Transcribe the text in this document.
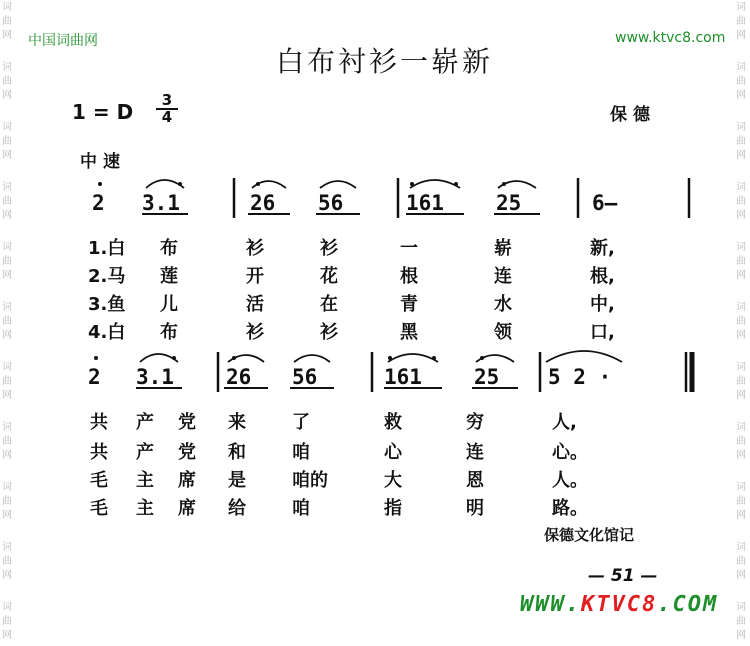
词
曲
网
词
曲
网
词
曲
网
词
曲
网
词
曲
网
词
曲
网
词
曲
网
词
曲
网
词
曲
网
词
曲
网
词
曲
网
词
曲
网
词
曲
网
词
曲
网
词
曲
网
词
曲
网
词
曲
网
词
曲
网
词
曲
网
词
曲
网
词
曲
网
词
曲
网
中国词曲网	www.ktvc8.com
白布衬衫一崭新
1 = D	3
4	保德
中速
2 3.1	26 56	161 25	6—
2 3.1 26 56	161 25 5 2 ·
1.白 布	衫	衫	一	崭	新,
2.马 莲	开	花	根	连	根,
3.鱼 儿	活	在	青	水	中,
4.白 布	衫	衫	黑	领	口,
共 产 党 来	了	救	穷	人,
共 产 党 和	咱	心	连	心。
毛 主 席 是	咱的	大	恩	人。
毛 主 席 给	咱	指	明	路。
保德文化馆记
— 51 —
WWW.KTVC8.COM
